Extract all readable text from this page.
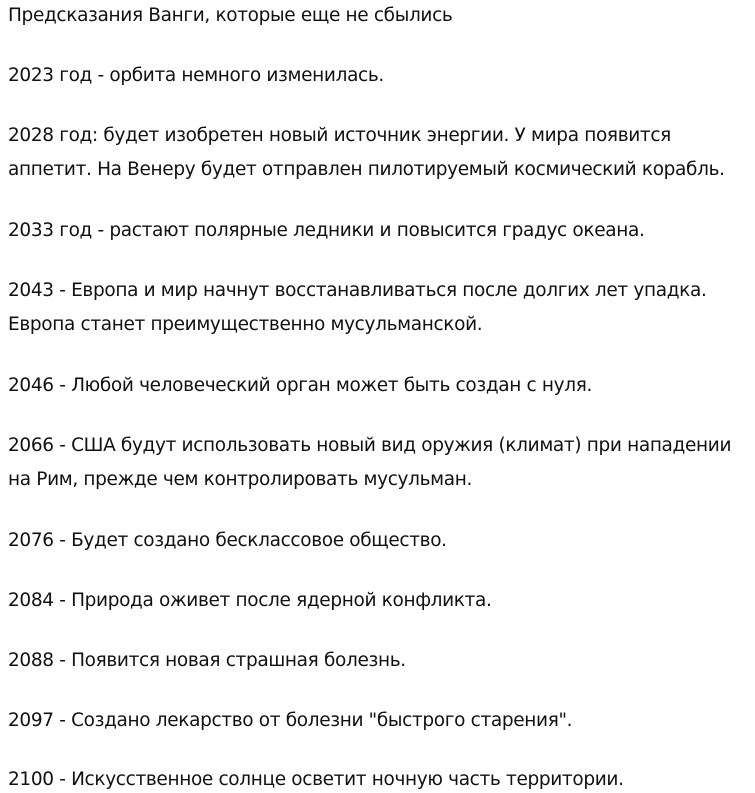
Предсказания Ванги, которые еще не сбылись
2023 год - орбита немного изменилась.
2028 год: будет изобретен новый источник энергии. У мира появится
аппетит. На Венеру будет отправлен пилотируемый космический корабль.
2033 год - растают полярные ледники и повысится градус океана.
2043 - Европа и мир начнут восстанавливаться после долгих лет упадка.
Европа станет преимущественно мусульманской.
2046 - Любой человеческий орган может быть создан с нуля.
2066 - США будут использовать новый вид оружия (климат) при нападении
на Рим, прежде чем контролировать мусульман.
2076 - Будет создано бесклассовое общество.
2084 - Природа оживет после ядерной конфликта.
2088 - Появится новая страшная болезнь.
2097 - Создано лекарство от болезни "быстрого старения".
2100 - Искусственное солнце осветит ночную часть территории.
